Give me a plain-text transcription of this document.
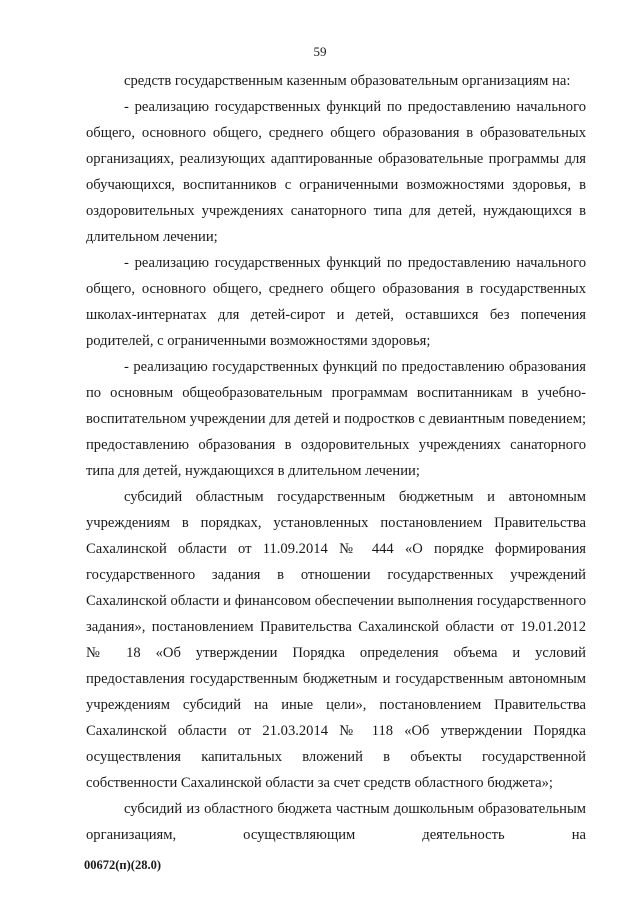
59

средств государственным казенным образовательным организациям на:

- реализацию государственных функций по предоставлению начального общего, основного общего, среднего общего образования в образовательных организациях, реализующих адаптированные образовательные программы для обучающихся, воспитанников с ограниченными возможностями здоровья, в оздоровительных учреждениях санаторного типа для детей, нуждающихся в длительном лечении;

- реализацию государственных функций по предоставлению начального общего, основного общего, среднего общего образования в государственных школах-интернатах для детей-сирот и детей, оставшихся без попечения родителей, с ограниченными возможностями здоровья;

- реализацию государственных функций по предоставлению образования по основным общеобразовательным программам воспитанникам в учебно-воспитательном учреждении для детей и подростков с девиантным поведением; предоставлению образования в оздоровительных учреждениях санаторного типа для детей, нуждающихся в длительном лечении;

субсидий областным государственным бюджетным и автономным учреждениям в порядках, установленных постановлением Правительства Сахалинской области от 11.09.2014 № 444 «О порядке формирования государственного задания в отношении государственных учреждений Сахалинской области и финансовом обеспечении выполнения государственного задания», постановлением Правительства Сахалинской области от 19.01.2012 № 18 «Об утверждении Порядка определения объема и условий предоставления государственным бюджетным и государственным автономным учреждениям субсидий на иные цели», постановлением Правительства Сахалинской области от 21.03.2014 № 118 «Об утверждении Порядка осуществления капитальных вложений в объекты государственной собственности Сахалинской области за счет средств областного бюджета»;

субсидий из областного бюджета частным дошкольным образовательным организациям, осуществляющим деятельность на

00672(п)(28.0)
